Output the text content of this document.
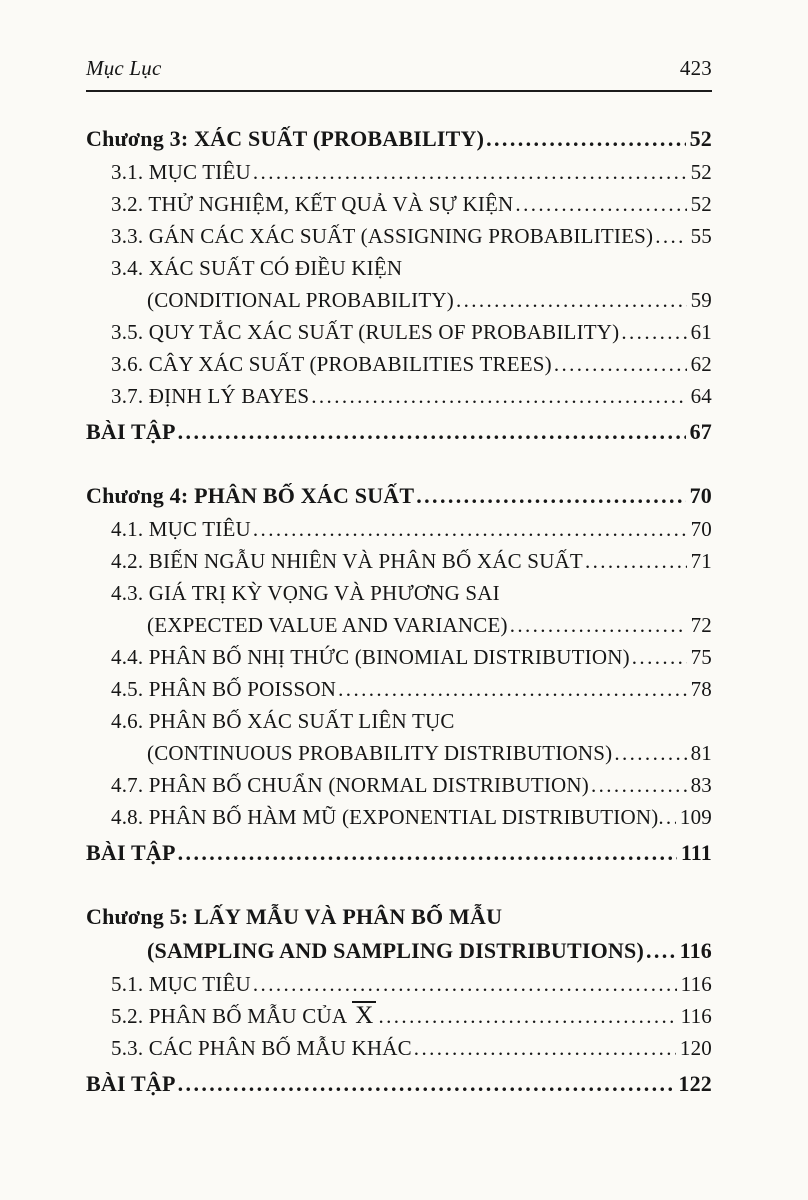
Mục Lục	423
Chương 3: XÁC SUẤT (PROBABILITY) .....	52
3.1. MỤC TIÊU .....	52
3.2. THỬ NGHIỆM, KẾT QUẢ VÀ SỰ KIỆN .....	52
3.3. GÁN CÁC XÁC SUẤT (ASSIGNING PROBABILITIES) ..... 55
3.4. XÁC SUẤT CÓ ĐIỀU KIỆN
(CONDITIONAL PROBABILITY) .....	59
3.5. QUY TẮC XÁC SUẤT (RULES OF PROBABILITY) .....	61
3.6. CÂY XÁC SUẤT (PROBABILITIES TREES) .....	62
3.7. ĐỊNH LÝ BAYES .....	64
BÀI TẬP .....	67
Chương 4: PHÂN BỐ XÁC SUẤT .....	70
4.1. MỤC TIÊU .....	70
4.2. BIẾN NGẪU NHIÊN VÀ PHÂN BỐ XÁC SUẤT .....	71
4.3. GIÁ TRỊ KỲ VỌNG VÀ PHƯƠNG SAI
(EXPECTED VALUE AND VARIANCE) .....	72
4.4. PHÂN BỐ NHỊ THỨC (BINOMIAL DISTRIBUTION) .....	75
4.5. PHÂN BỐ POISSON .....	78
4.6. PHÂN BỐ XÁC SUẤT LIÊN TỤC
(CONTINUOUS PROBABILITY DISTRIBUTIONS) .....	81
4.7. PHÂN BỐ CHUẨN (NORMAL DISTRIBUTION) .....	83
4.8. PHÂN BỐ HÀM MŨ (EXPONENTIAL DISTRIBUTION). ..... 109
BÀI TẬP .....	111
Chương 5: LẤY MẪU VÀ PHÂN BỐ MẪU
(SAMPLING AND SAMPLING DISTRIBUTIONS) ..... 116
5.1. MỤC TIÊU .....	116
5.2. PHÂN BỐ MẪU CỦA X .....	116
5.3. CÁC PHÂN BỐ MẪU KHÁC .....	120
BÀI TẬP .....	122
